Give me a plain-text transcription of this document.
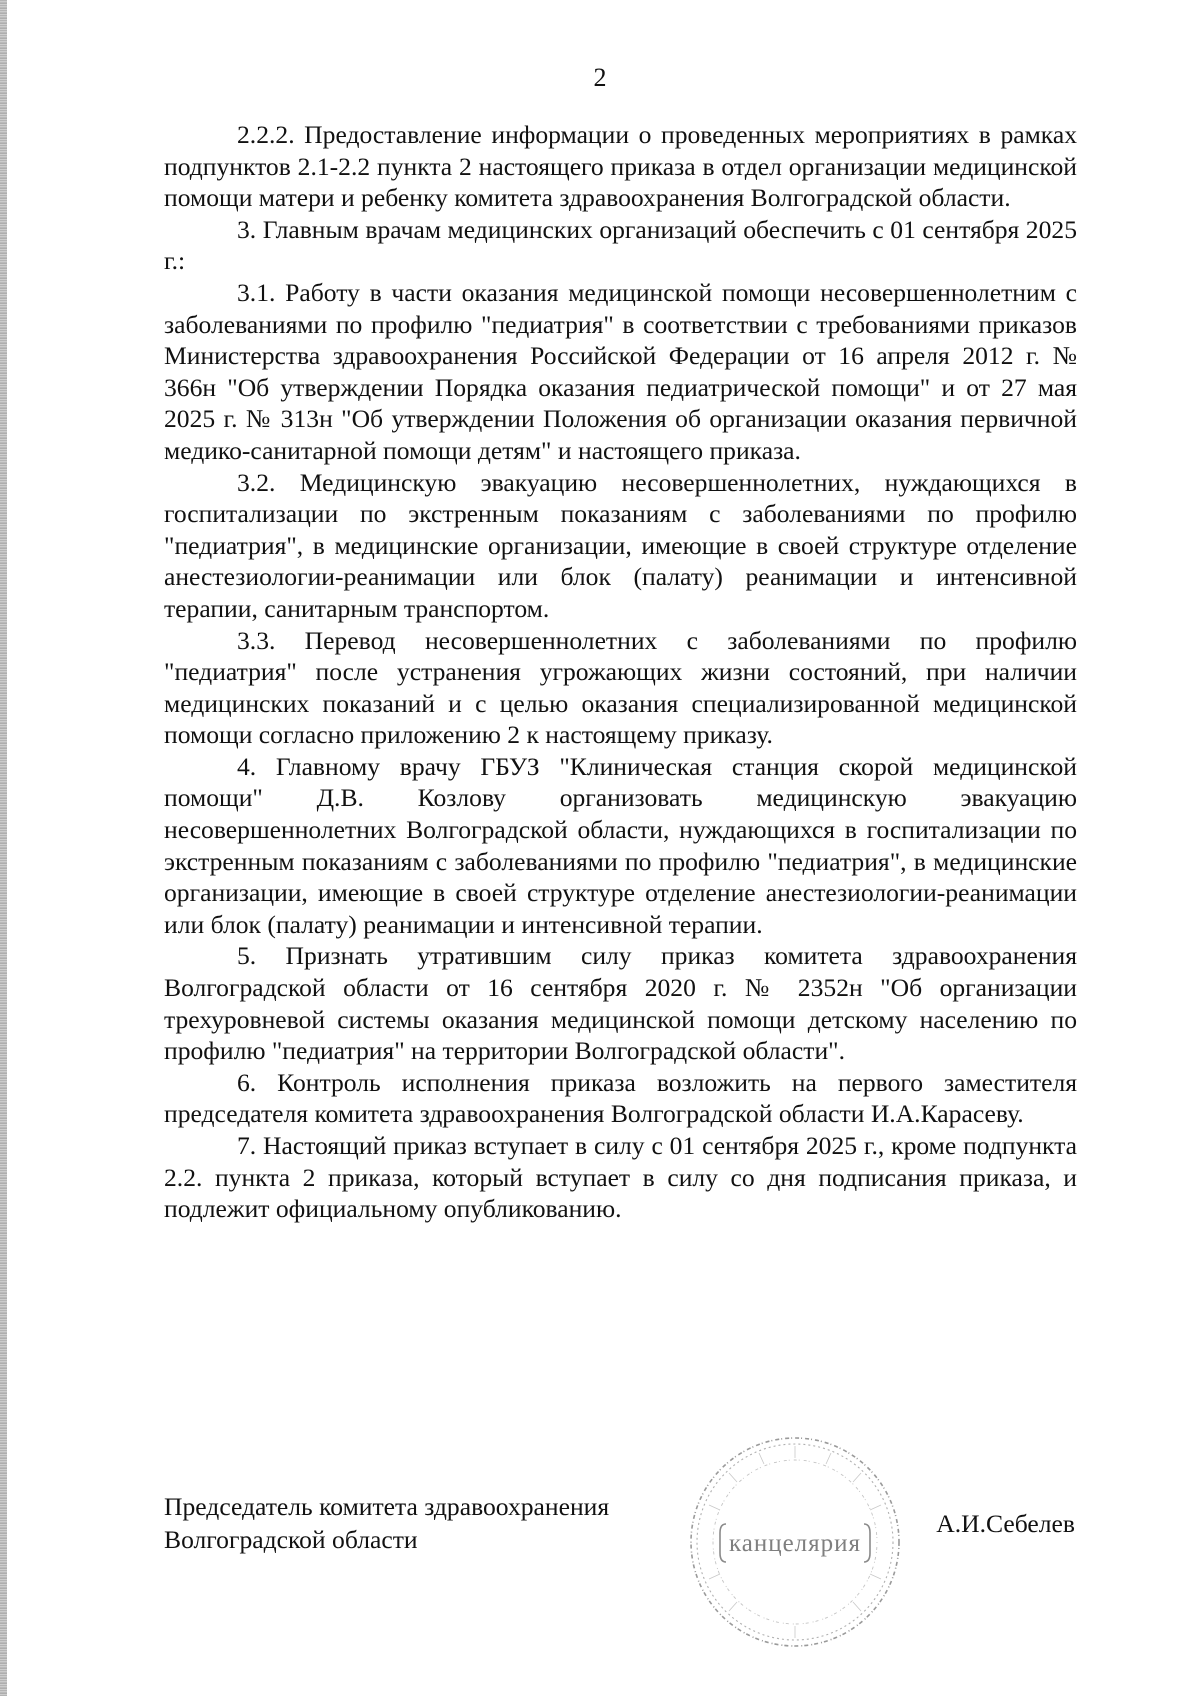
2

2.2.2. Предоставление информации о проведенных мероприятиях в рамках подпунктов 2.1-2.2 пункта 2 настоящего приказа в отдел организации медицинской помощи матери и ребенку комитета здравоохранения Волгоградской области.

3. Главным врачам медицинских организаций обеспечить с 01 сентября 2025 г.:

3.1. Работу в части оказания медицинской помощи несовершеннолетним с заболеваниями по профилю "педиатрия" в соответствии с требованиями приказов Министерства здравоохранения Российской Федерации от 16 апреля 2012 г. № 366н "Об утверждении Порядка оказания педиатрической помощи" и от 27 мая 2025 г. № 313н "Об утверждении Положения об организации оказания первичной медико-санитарной помощи детям" и настоящего приказа.

3.2. Медицинскую эвакуацию несовершеннолетних, нуждающихся в госпитализации по экстренным показаниям с заболеваниями по профилю "педиатрия", в медицинские организации, имеющие в своей структуре отделение анестезиологии-реанимации или блок (палату) реанимации и интенсивной терапии, санитарным транспортом.

3.3. Перевод несовершеннолетних с заболеваниями по профилю "педиатрия" после устранения угрожающих жизни состояний, при наличии медицинских показаний и с целью оказания специализированной медицинской помощи согласно приложению 2 к настоящему приказу.

4. Главному врачу ГБУЗ "Клиническая станция скорой медицинской помощи" Д.В. Козлову организовать медицинскую эвакуацию несовершеннолетних Волгоградской области, нуждающихся в госпитализации по экстренным показаниям с заболеваниями по профилю "педиатрия", в медицинские организации, имеющие в своей структуре отделение анестезиологии-реанимации или блок (палату) реанимации и интенсивной терапии.

5. Признать утратившим силу приказ комитета здравоохранения Волгоградской области от 16 сентября 2020 г. № 2352н "Об организации трехуровневой системы оказания медицинской помощи детскому населению по профилю "педиатрия" на территории Волгоградской области".

6. Контроль исполнения приказа возложить на первого заместителя председателя комитета здравоохранения Волгоградской области И.А.Карасеву.

7. Настоящий приказ вступает в силу с 01 сентября 2025 г., кроме подпункта 2.2. пункта 2 приказа, который вступает в силу со дня подписания приказа, и подлежит официальному опубликованию.

Председатель комитета здравоохранения
Волгоградской области
А.И.Себелев
канцелярия
